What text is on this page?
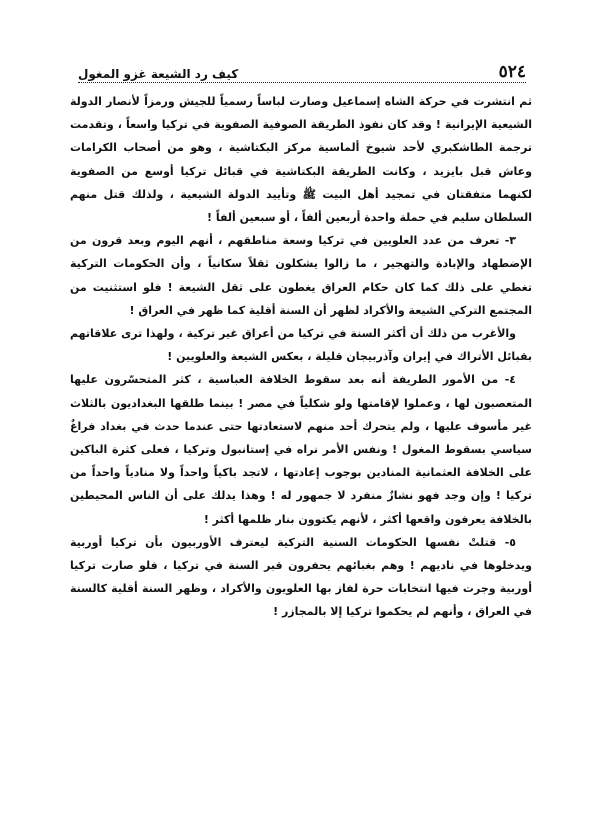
٥٢٤
كيف رد الشيعة غزو المغول

ثم انتشرت في حركة الشاه إسماعيل وصارت لباساً رسمياً للجيش ورمزاً لأنصار الدولة الشيعية الإيرانية ! وقد كان نفوذ الطريقة الصوفية الصفوية في تركيا واسعاً ، وتقدمت ترجمة الطاشكبري لأحد شيوخ ألماسية مركز البكتاشية ، وهو من أصحاب الكرامات وعاش قبل بايزيد ، وكانت الطريقة البكتاشية في قبائل تركيا أوسع من الصفوية لكنهما متفقتان في تمجيد أهل البيت ﷺ وتأييد الدولة الشيعية ، ولذلك قتل منهم السلطان سليم في حملة واحدة أربعين ألفاً ، أو سبعين ألفاً !

٣- تعرف من عدد العلويين في تركيا وسعة مناطقهم ، أنهم اليوم وبعد قرون من الإضطهاد والإبادة والتهجير ، ما زالوا يشكلون ثقلاً سكانياً ، وأن الحكومات التركية تغطي على ذلك كما كان حكام العراق يغطون على ثقل الشيعة ! فلو استثنيت من المجتمع التركي الشيعة والأكراد لظهر أن السنة أقلية كما ظهر في العراق !

والأغرب من ذلك أن أكثر السنة في تركيا من أعراق غير تركية ، ولهذا ترى علاقاتهم بقبائل الأتراك في إيران وآذربيجان قليلة ، بعكس الشيعة والعلويين !

٤- من الأمور الطريفة أنه بعد سقوط الخلافة العباسية ، كثر المتحسّرون عليها المتعصبون لها ، وعملوا لإقامتها ولو شكلياً في مصر ! بينما طلقها البغداديون بالثلاث غير مأسوف عليها ، ولم يتحرك أحد منهم لاستعادتها حتى عندما حدث في بغداد فراغٌ سياسي بسقوط المغول ! ونفس الأمر نراه في إستانبول وتركيا ، فعلى كثرة الباكين على الخلافة العثمانية المنادين بوجوب إعادتها ، لاتجد باكياً واحداً ولا منادياً واحداً من تركيا ! وإن وجد فهو نشازٌ منفرد لا جمهور له ! وهذا يدلك على أن الناس المحيطين بالخلافة يعرفون واقعها أكثر ، لأنهم يكتوون بنار ظلمها أكثر !

٥- قتلتْ نفسها الحكومات السنية التركية ليعترف الأوربيون بأن تركيا أوربية ويدخلوها في ناديهم ! وهم بغبائهم يحفرون قبر السنة في تركيا ، فلو صارت تركيا أوربية وجرت فيها انتخابات حرة لفاز بها العلويون والأكراد ، وظهر السنة أقلية كالسنة في العراق ، وأنهم لم يحكموا تركيا إلا بالمجازر !
